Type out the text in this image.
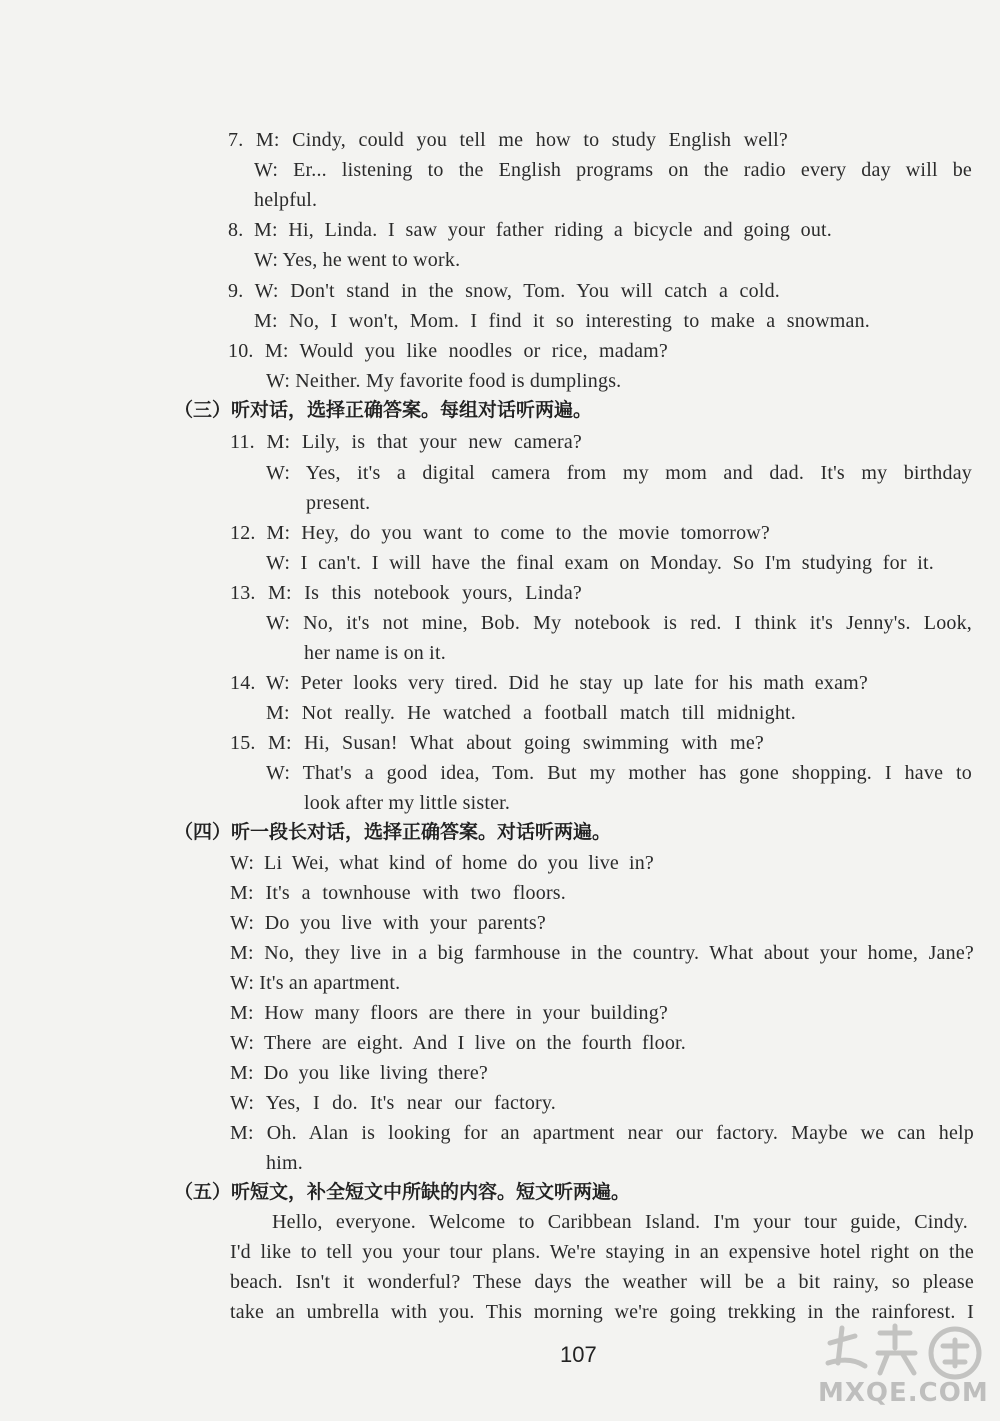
7. M: Cindy, could you tell me how to study English well?
W: Er... listening to the English programs on the radio every day will be
helpful.
8. M: Hi, Linda. I saw your father riding a bicycle and going out.
W: Yes, he went to work.
9. W: Don't stand in the snow, Tom. You will catch a cold.
M: No, I won't, Mom. I find it so interesting to make a snowman.
10. M: Would you like noodles or rice, madam?
W: Neither. My favorite food is dumplings.
（三）听对话，选择正确答案。每组对话听两遍。
11. M: Lily, is that your new camera?
W: Yes, it's a digital camera from my mom and dad. It's my birthday
present.
12. M: Hey, do you want to come to the movie tomorrow?
W: I can't. I will have the final exam on Monday. So I'm studying for it.
13. M: Is this notebook yours, Linda?
W: No, it's not mine, Bob. My notebook is red. I think it's Jenny's. Look,
her name is on it.
14. W: Peter looks very tired. Did he stay up late for his math exam?
M: Not really. He watched a football match till midnight.
15. M: Hi, Susan! What about going swimming with me?
W: That's a good idea, Tom. But my mother has gone shopping. I have to
look after my little sister.
（四）听一段长对话，选择正确答案。对话听两遍。
W: Li Wei, what kind of home do you live in?
M: It's a townhouse with two floors.
W: Do you live with your parents?
M: No, they live in a big farmhouse in the country. What about your home, Jane?
W: It's an apartment.
M: How many floors are there in your building?
W: There are eight. And I live on the fourth floor.
M: Do you like living there?
W: Yes, I do. It's near our factory.
M: Oh. Alan is looking for an apartment near our factory. Maybe we can help
him.
（五）听短文，补全短文中所缺的内容。短文听两遍。
Hello, everyone. Welcome to Caribbean Island. I'm your tour guide, Cindy.
I'd like to tell you your tour plans. We're staying in an expensive hotel right on the
beach. Isn't it wonderful? These days the weather will be a bit rainy, so please
take an umbrella with you. This morning we're going trekking in the rainforest. I
107
MXQE.COM
